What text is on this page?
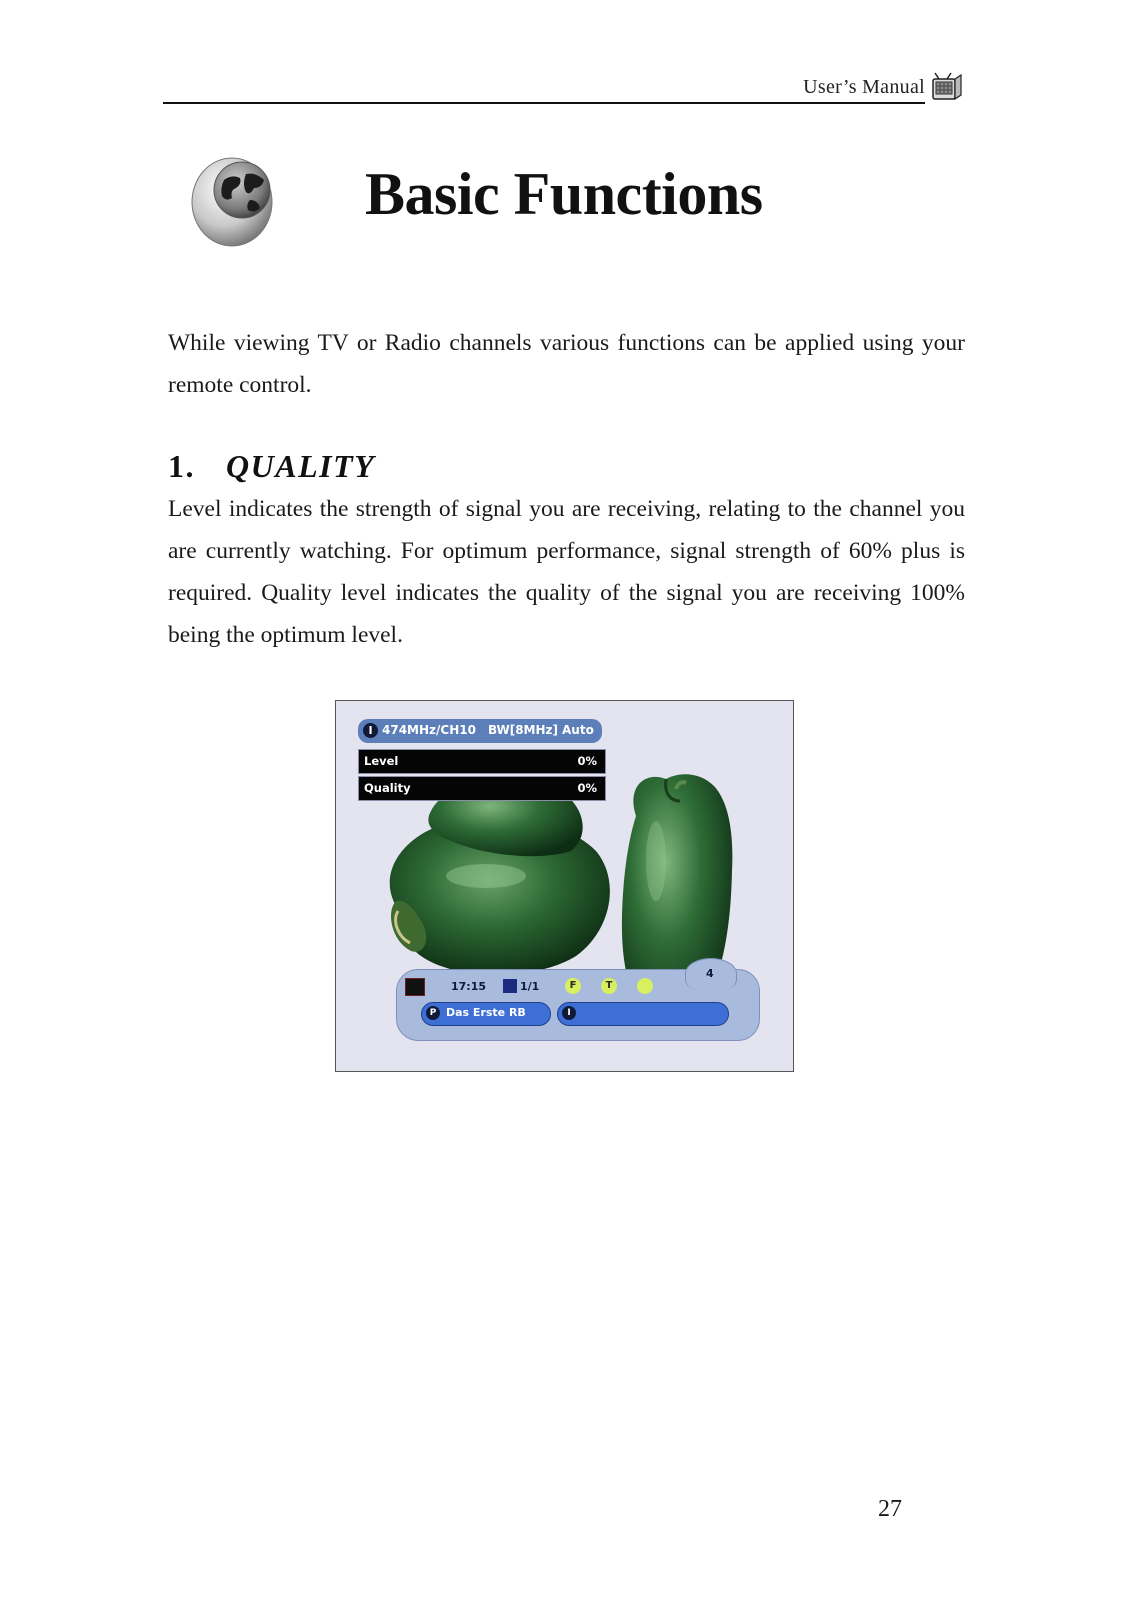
User’s Manual
Basic Functions

While viewing TV or Radio channels various functions can be applied using your remote control.

1. QUALITY

Level indicates the strength of signal you are receiving, relating to the channel you are currently watching. For optimum performance, signal strength of 60% plus is required. Quality level indicates the quality of the signal you are receiving 100% being the optimum level.

I 474MHz/CH10 BW[8MHz] Auto
Level	0%
Quality	0%
4
17:15	1/1	F	T
P Das Erste RB	I
27
